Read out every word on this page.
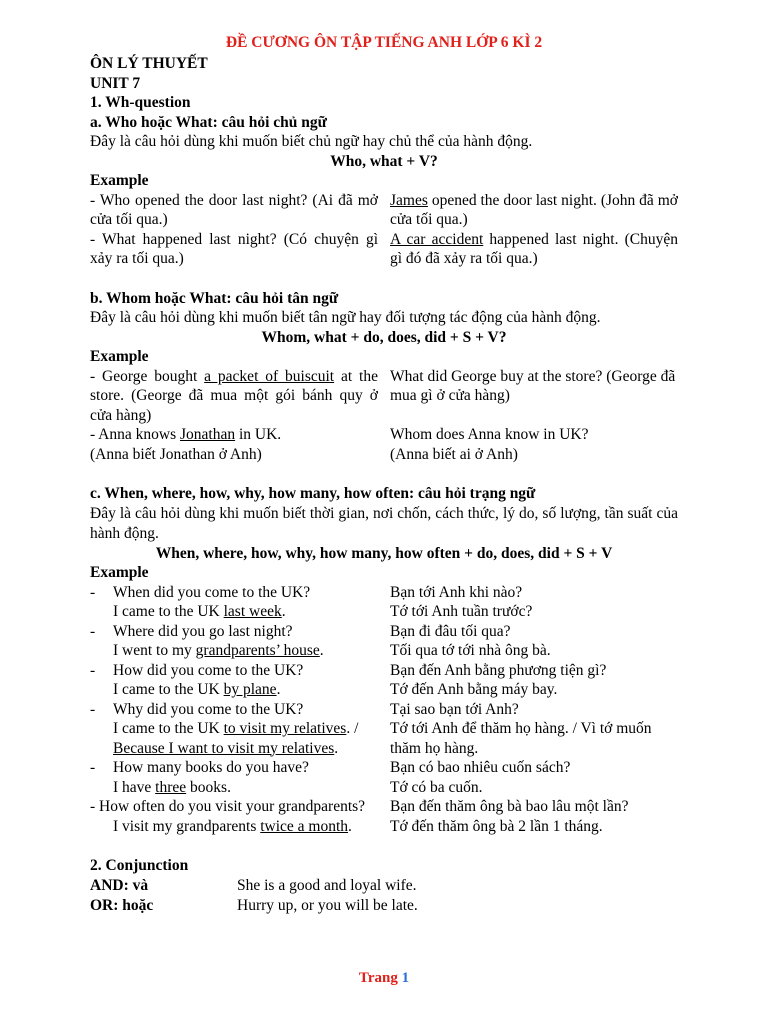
ĐỀ CƯƠNG ÔN TẬP TIẾNG ANH LỚP 6 KÌ 2
ÔN LÝ THUYẾT
UNIT 7
1. Wh-question
a. Who hoặc What: câu hỏi chủ ngữ
Đây là câu hỏi dùng khi muốn biết chủ ngữ hay chủ thể của hành động.
Who, what + V?
Example
- Who opened the door last night? (Ai đã mở cửa tối qua.)
James opened the door last night. (John đã mở cửa tối qua.)
- What happened last night? (Có chuyện gì xảy ra tối qua.)
A car accident happened last night. (Chuyện gì đó đã xảy ra tối qua.)
b. Whom hoặc What: câu hỏi tân ngữ
Đây là câu hỏi dùng khi muốn biết tân ngữ hay đối tượng tác động của hành động.
Whom, what + do, does, did + S + V?
Example
- George bought a packet of buiscuit at the store. (George đã mua một gói bánh quy ở cửa hàng)
What did George buy at the store? (George đã mua gì ở cửa hàng)
- Anna knows Jonathan in UK.
(Anna biết Jonathan ở Anh)
Whom does Anna know in UK?
(Anna biết ai ở Anh)
c. When, where, how, why, how many, how often: câu hỏi trạng ngữ
Đây là câu hỏi dùng khi muốn biết thời gian, nơi chốn, cách thức, lý do, số lượng, tần suất của hành động.
When, where, how, why, how many, how often + do, does, did + S + V
Example
- When did you come to the UK?
I came to the UK last week.
- Where did you go last night?
I went to my grandparents’ house.
- How did you come to the UK?
I came to the UK by plane.
- Why did you come to the UK?
I came to the UK to visit my relatives. /
Because I want to visit my relatives.
- How many books do you have?
I have three books.

- How often do you visit your grandparents?
I visit my grandparents twice a month.
Bạn tới Anh khi nào?
Tớ tới Anh tuần trước?
Bạn đi đâu tối qua?
Tối qua tớ tới nhà ông bà.
Bạn đến Anh bằng phương tiện gì?
Tớ đến Anh bằng máy bay.
Tại sao bạn tới Anh?
Tớ tới Anh để thăm họ hàng. / Vì tớ muốn thăm họ hàng.
Bạn có bao nhiêu cuốn sách?
Tớ có ba cuốn.
Bạn đến thăm ông bà bao lâu một lần?
Tớ đến thăm ông bà 2 lần 1 tháng.
2. Conjunction
AND: và	She is a good and loyal wife.
OR: hoặc	Hurry up, or you will be late.
Trang 1
